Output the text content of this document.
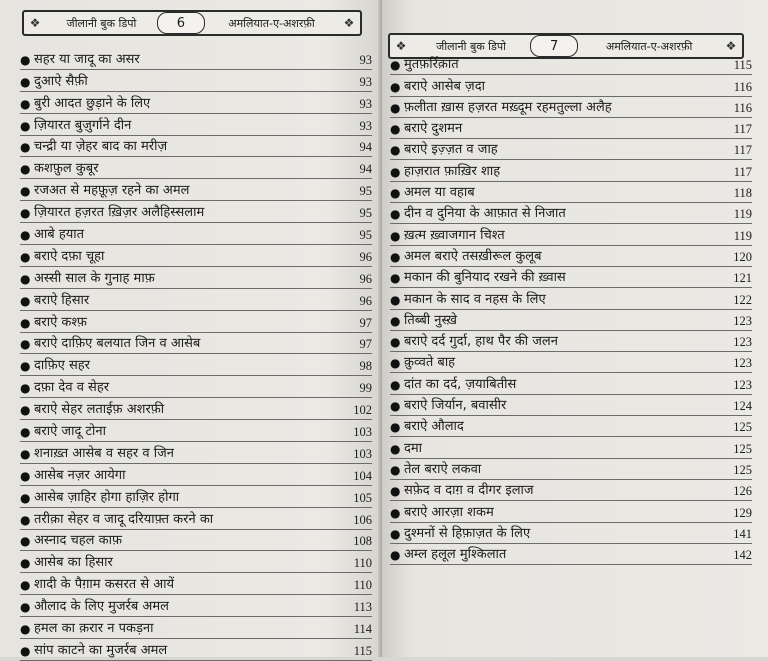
❖	जीलानी बुक डिपो	6	अमलियात-ए-अशरफ़ी	❖
● सहर या जादू का असर	93
● दुआऐ सैफ़ी	93
● बुरी आदत छुड़ाने के लिए	93
● ज़ियारत बुज़ुर्गाने दीन	93
● चन्द्री या ज़ेहर बाद का मरीज़	94
● कशफ़ुल कुबूर	94
● रजअत से महफ़ूज़ रहने का अमल	95
● ज़ियारत हज़रत ख़िज़र अलैहिस्सलाम	95
● आबे हयात	95
● बराऐ दफ़ा चूहा	96
● अस्सी साल के गुनाह माफ़	96
● बराऐ हिसार	96
● बराऐ कश्फ़	97
● बराऐ दाफ़िए बलयात जिन व आसेब	97
● दाफ़िए सहर	98
● दफ़ा देव व सेहर	99
● बराऐ सेहर लताईफ़ अशरफ़ी	102
● बराऐ जादू टोना	103
● शनाख़्त आसेब व सहर व जिन	103
● आसेब नज़र आयेगा	104
● आसेब ज़ाहिर होगा हाज़िर होगा	105
● तरीक़ा सेहर व जादू दरियाफ़्त करने का	106
● अस्नाद चहल काफ़	108
● आसेब का हिसार	110
● शादी के पैग़ाम कसरत से आयें	110
● औलाद के लिए मुजर्रब अमल	113
● हमल का क़रार न पकड़ना	114
● सांप काटने का मुजर्रब अमल	115
❖	जीलानी बुक डिपो	7	अमलियात-ए-अशरफ़ी	❖
● मुतफ़र्रिक़ात	115
● बराऐ आसेब ज़दा	116
● फ़लीता ख़ास हज़रत मख़्दूम रहमतुल्ला अलैह	116
● बराऐ दुशमन	117
● बराऐ इज़्ज़त व जाह	117
● हाज़रात फ़ाख़िर शाह	117
● अमल या वहाब	118
● दीन व दुनिया के आफ़ात से निजात	119
● ख़त्म ख़्वाजगान चिश्त	119
● अमल बराऐ तसख़ीरूल कुलूब	120
● मकान की बुनियाद रखने की ख़्वास	121
● मकान के साद व नहस के लिए	122
● तिब्बी नुस्ख़े	123
● बराऐ दर्द गुर्दा, हाथ पैर की जलन	123
● क़ुव्वते बाह	123
● दांत का दर्द, ज़याबितीस	123
● बराऐ जिर्यान, बवासीर	124
● बराऐ औलाद	125
● दमा	125
● तेल बराऐ लकवा	125
● सफ़ेद व दाग़ व दीगर इलाज	126
● बराऐ आरज़ा शकम	129
● दुश्मनों से हिफ़ाज़त के लिए	141
● अम्ल हलूल मुश्किलात	142
